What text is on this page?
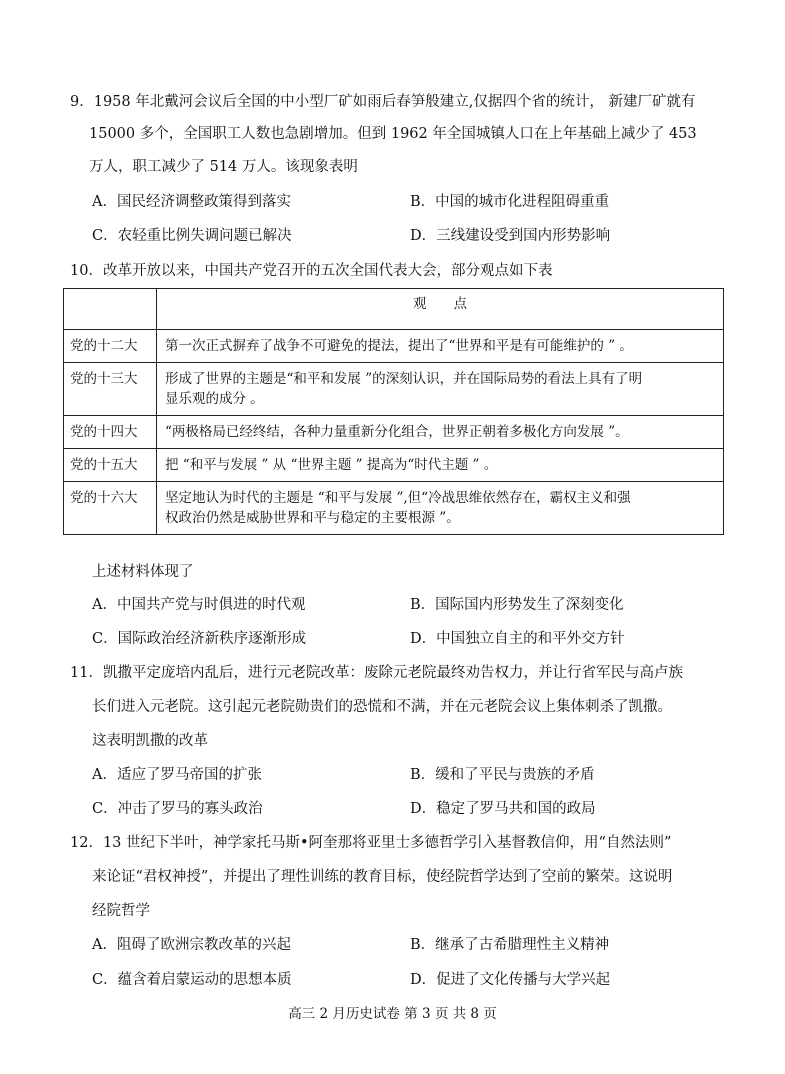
9．1958 年北戴河会议后全国的中小型厂矿如雨后春笋般建立,仅据四个省的统计， 新建厂矿就有
15000 多个，全国职工人数也急剧增加。但到 1962 年全国城镇人口在上年基础上减少了 453
万人，职工减少了 514 万人。该现象表明
A．国民经济调整政策得到落实	B．中国的城市化进程阻碍重重
C．农轻重比例失调问题已解决	D．三线建设受到国内形势影响
10．改革开放以来，中国共产党召开的五次全国代表大会，部分观点如下表
	观　　点
党的十二大	第一次正式摒弃了战争不可避免的提法，提出了“世界和平是有可能维护的 ” 。
党的十三大	形成了世界的主题是“和平和发展 ”的深刻认识，并在国际局势的看法上具有了明
显乐观的成分 。

党的十四大	“两极格局已经终结，各种力量重新分化组合，世界正朝着多极化方向发展 ”。
党的十五大	把 “和平与发展 ” 从 “世界主题 ” 提高为“时代主题 ” 。
党的十六大	坚定地认为时代的主题是 “和平与发展 ”,但“冷战思维依然存在，霸权主义和强
权政治仍然是威胁世界和平与稳定的主要根源 ”。
上述材料体现了
A．中国共产党与时俱进的时代观	B．国际国内形势发生了深刻变化
C．国际政治经济新秩序逐渐形成	D．中国独立自主的和平外交方针
11．凯撒平定庞培内乱后，进行元老院改革：废除元老院最终劝告权力，并让行省军民与高卢族
长们进入元老院。这引起元老院勋贵们的恐慌和不满，并在元老院会议上集体刺杀了凯撒。
这表明凯撒的改革
A．适应了罗马帝国的扩张	B．缓和了平民与贵族的矛盾
C．冲击了罗马的寡头政治	D．稳定了罗马共和国的政局
12．13 世纪下半叶，神学家托马斯•阿奎那将亚里士多德哲学引入基督教信仰，用“自然法则”
来论证“君权神授”，并提出了理性训练的教育目标，使经院哲学达到了空前的繁荣。这说明
经院哲学
A．阻碍了欧洲宗教改革的兴起	B．继承了古希腊理性主义精神
C．蕴含着启蒙运动的思想本质	D．促进了文化传播与大学兴起
高三 2 月历史试卷 第 3 页 共 8 页
